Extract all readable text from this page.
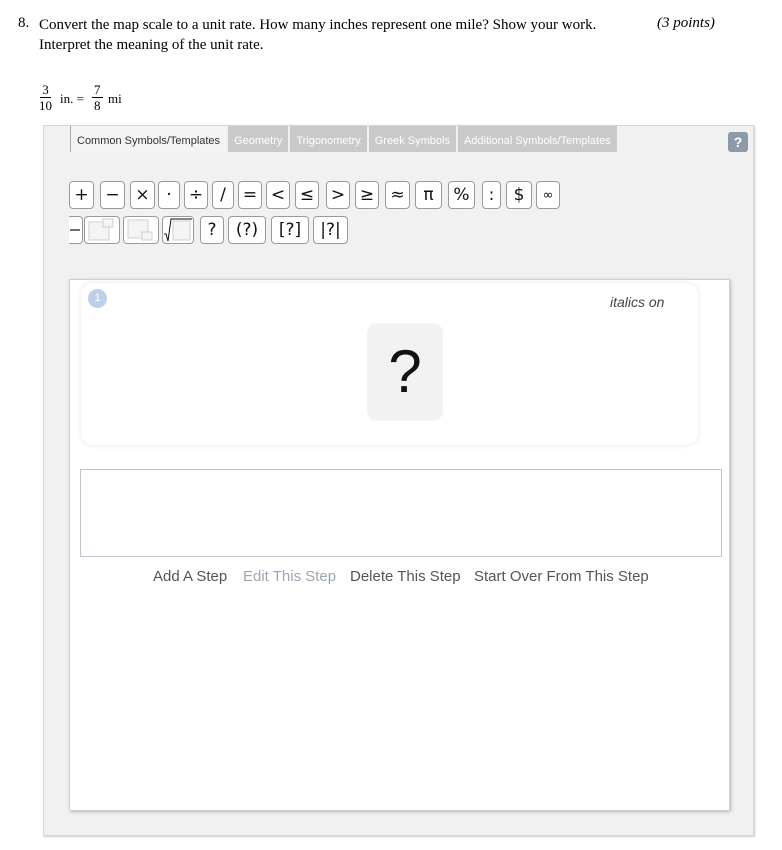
8. Convert the map scale to a unit rate. How many inches represent one mile? Show your work.
Interpret the meaning of the unit rate.
(3 points)
$\frac{3}{10}$ in. = $\frac{7}{8}$ mi
Common Symbols/Templates	Geometry	Trigonometry	Greek Symbols	Additional Symbols/Templates	?
+ − × ·	÷	/	= < ≤ > ≥ ≈	π	%	:	$	∞
?	(?)	[?]	|?|
1	italics on
?
Add A Step Edit This Step Delete This Step Start Over From This Step
